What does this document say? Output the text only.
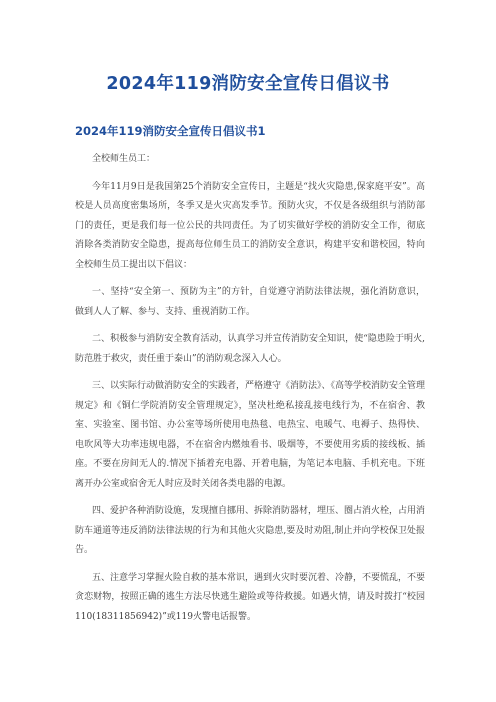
2024年119消防安全宣传日倡议书
2024年119消防安全宣传日倡议书1

全校师生员工：

今年11月9日是我国第25个消防安全宣传日，主题是“找火灾隐患,保家庭平安”。高校是人员高度密集场所，冬季又是火灾高发季节。预防火灾，不仅是各级组织与消防部门的责任，更是我们每一位公民的共同责任。为了切实做好学校的消防安全工作，彻底消除各类消防安全隐患，提高每位师生员工的消防安全意识，构建平安和谐校园，特向全校师生员工提出以下倡议：

一、坚持“安全第一、预防为主”的方针，自觉遵守消防法律法规，强化消防意识，做到人人了解、参与、支持、重视消防工作。

二、积极参与消防安全教育活动，认真学习并宣传消防安全知识，使“隐患险于明火,防范胜于救灾，责任重于泰山”的消防观念深入人心。

三、以实际行动做消防安全的实践者，严格遵守《消防法》、《高等学校消防安全管理规定》和《铜仁学院消防安全管理规定》，坚决杜绝私接乱接电线行为，不在宿舍、教室、实验室、图书馆、办公室等场所使用电热毯、电热宝、电暖气、电褥子、热得快、电吹风等大功率违规电器，不在宿舍内燃烛看书、吸烟等，不要使用劣质的接线板、插座。不要在房间无人的.情况下插着充电器、开着电脑，为笔记本电脑、手机充电。下班离开办公室或宿舍无人时应及时关闭各类电器的电源。

四、爱护各种消防设施，发现擅自挪用、拆除消防器材，埋压、圈占消火栓，占用消防车通道等违反消防法律法规的行为和其他火灾隐患,要及时劝阻,制止并向学校保卫处报告。

五、注意学习掌握火险自救的基本常识，遇到火灾时要沉着、冷静，不要慌乱，不要贪恋财物，按照正确的逃生方法尽快逃生避险或等待救援。如遇火情，请及时拨打“校园110(18311856942)”或119火警电话报警。
